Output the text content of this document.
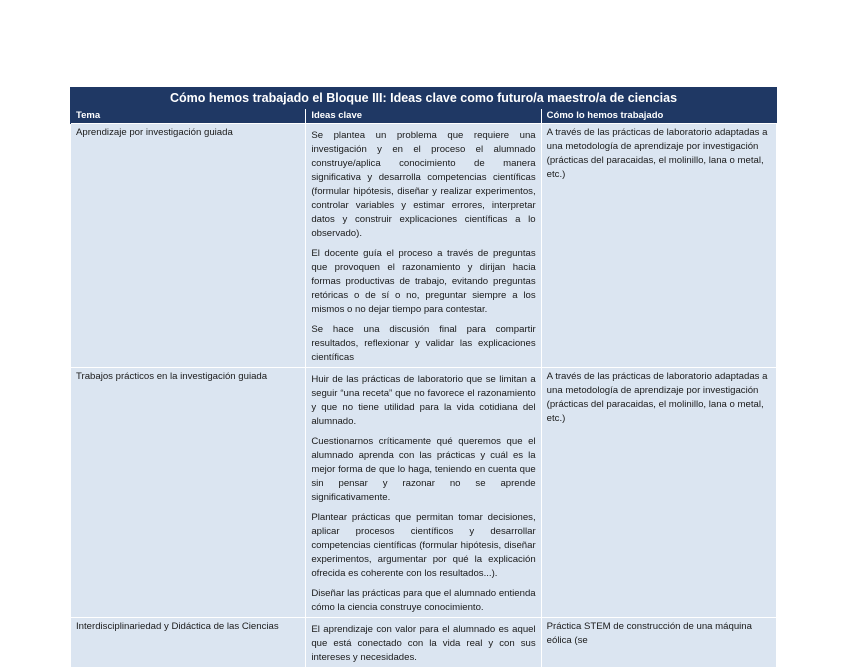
Cómo hemos trabajado el Bloque III: Ideas clave como futuro/a maestro/a de ciencias		
Tema	Ideas clave	Cómo lo hemos trabajado
Aprendizaje por investigación guiada	Se plantea un problema que requiere una investigación y en el proceso el alumnado construye/aplica conocimiento de manera significativa y desarrolla competencias científicas (formular hipótesis, diseñar y realizar experimentos, controlar variables y estimar errores, interpretar datos y construir explicaciones científicas a lo observado).

El docente guía el proceso a través de preguntas que provoquen el razonamiento y dirijan hacia formas productivas de trabajo, evitando preguntas retóricas o de sí o no, preguntar siempre a los mismos o no dejar tiempo para contestar.

Se hace una discusión final para compartir resultados, reflexionar y validar las explicaciones científicas	A través de las prácticas de laboratorio adaptadas a una metodología de aprendizaje por investigación (prácticas del paracaidas, el molinillo, lana o metal, etc.)
Trabajos prácticos en la investigación guiada	Huir de las prácticas de laboratorio que se limitan a seguir “una receta” que no favorece el razonamiento y que no tiene utilidad para la vida cotidiana del alumnado.

Cuestionarnos críticamente qué queremos que el alumnado aprenda con las prácticas y cuál es la mejor forma de que lo haga, teniendo en cuenta que sin pensar y razonar no se aprende significativamente.

Plantear prácticas que permitan tomar decisiones, aplicar procesos científicos y desarrollar competencias científicas (formular hipótesis, diseñar experimentos, argumentar por qué la explicación ofrecida es coherente con los resultados...).

Diseñar las prácticas para que el alumnado entienda cómo la ciencia construye conocimiento.	A través de las prácticas de laboratorio adaptadas a una metodología de aprendizaje por investigación (prácticas del paracaidas, el molinillo, lana o metal, etc.)
Interdisciplinariedad y Didáctica de las Ciencias	El aprendizaje con valor para el alumnado es aquel que está conectado con la vida real y con sus intereses y necesidades.	Práctica STEM de construcción de una máquina eólica (se
